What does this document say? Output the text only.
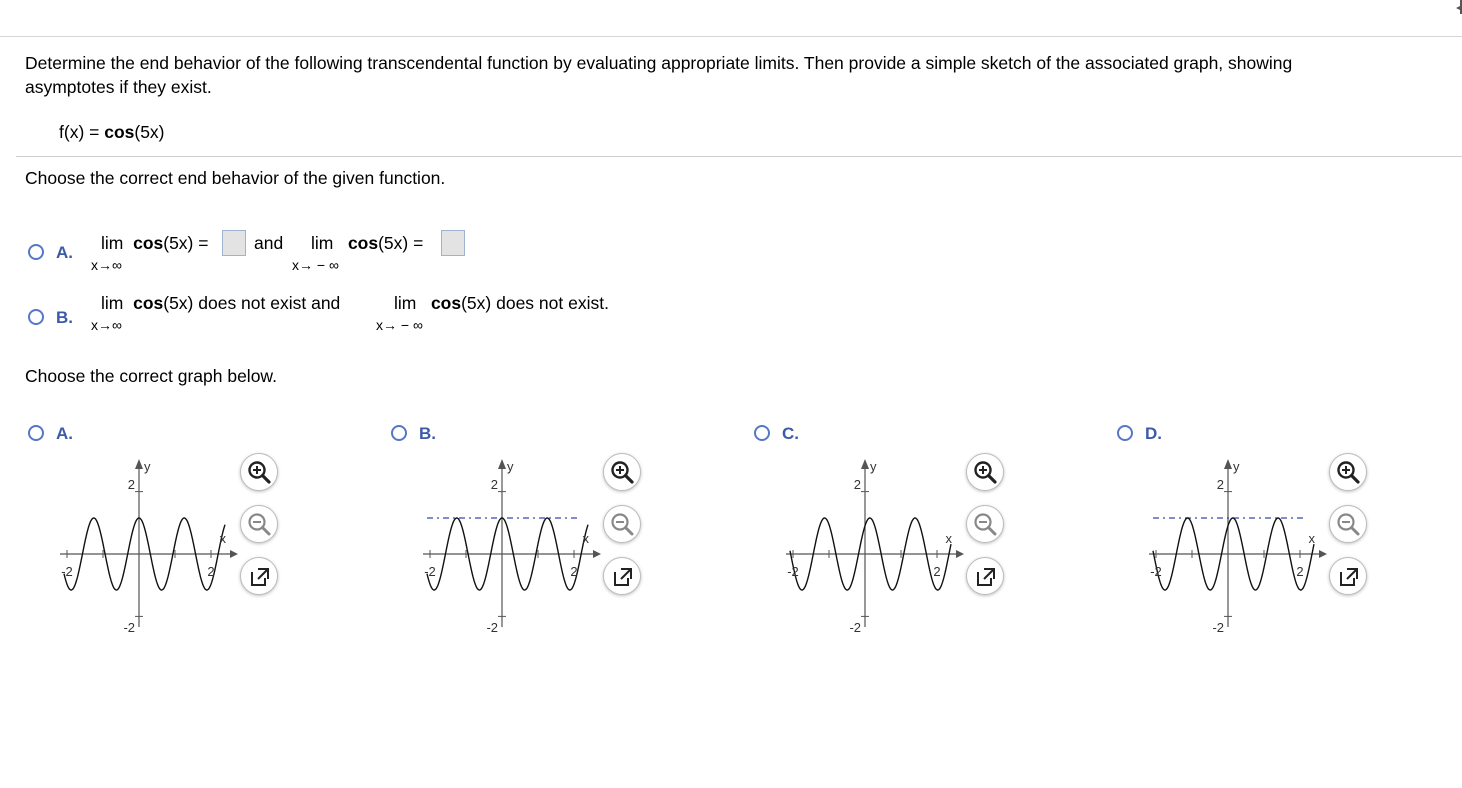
Determine the end behavior of the following transcendental function by evaluating appropriate limits. Then provide a simple sketch of the associated graph, showing
asymptotes if they exist.
f(x) = cos(5x)
Choose the correct end behavior of the given function.
A. lim cos(5x) =
x→∞
and lim cos(5x) =
x→ − ∞
B.
lim cos(5x) does not exist and
x→∞
lim cos(5x) does not exist.
x→ − ∞
Choose the correct graph below.
A.
y
2
-2
x
-2	2
B.
y
2
-2
x
-2	2
C.
y
2
-2
x
-2	2
D.
y
2
-2
x
-2	2
